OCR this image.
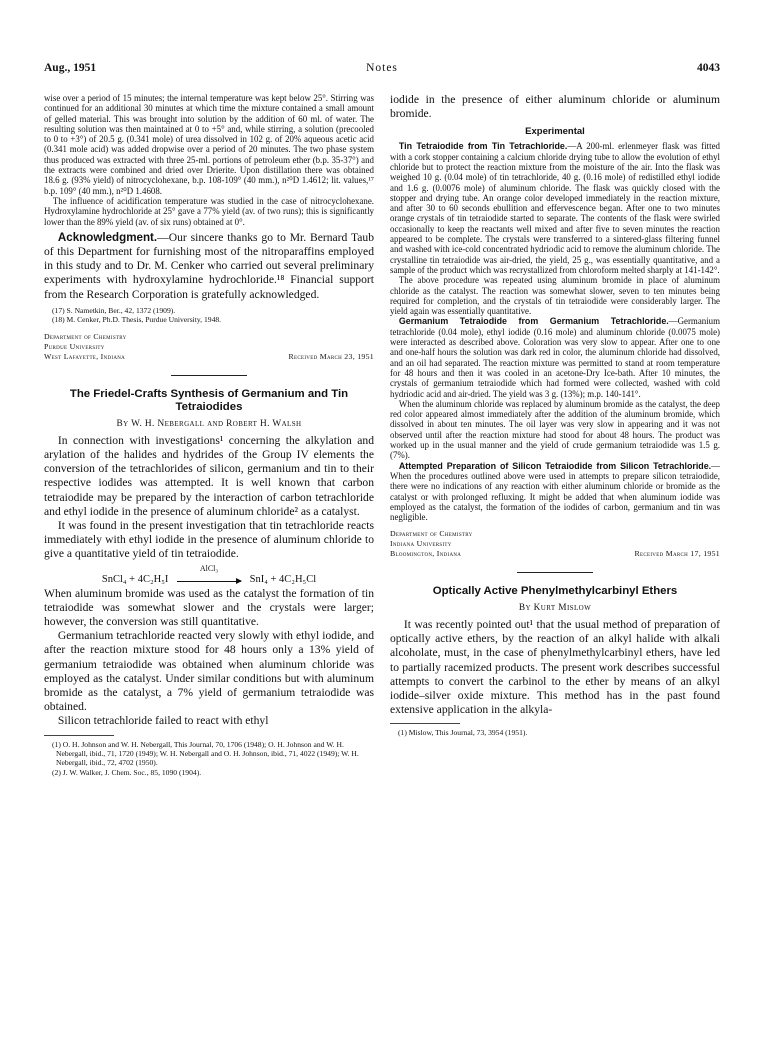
Aug., 1951	Notes	4043

wise over a period of 15 minutes; the internal temperature was kept below 25°. Stirring was continued for an additional 30 minutes at which time the mixture contained a small amount of gelled material. This was brought into solution by the addition of 60 ml. of water. The resulting solution was then maintained at 0 to +5° and, while stirring, a solution (precooled to 0 to +3°) of 20.5 g. (0.341 mole) of urea dissolved in 102 g. of 20% aqueous acetic acid (0.341 mole acid) was added dropwise over a period of 20 minutes. The two phase system thus produced was extracted with three 25-ml. portions of petroleum ether (b.p. 35-37°) and the extracts were combined and dried over Drierite. Upon distillation there was obtained 18.6 g. (93% yield) of nitrocyclohexane, b.p. 108-109° (40 mm.), n²⁰D 1.4612; lit. values,¹⁷ b.p. 109° (40 mm.), n²⁰D 1.4608.

The influence of acidification temperature was studied in the case of nitrocyclohexane. Hydroxylamine hydrochloride at 25° gave a 77% yield (av. of two runs); this is significantly lower than the 89% yield (av. of six runs) obtained at 0°.

Acknowledgment.—Our sincere thanks go to Mr. Bernard Taub of this Department for furnishing most of the nitroparaffins employed in this study and to Dr. M. Cenker who carried out several preliminary experiments with hydroxylamine hydrochloride.¹⁸ Financial support from the Research Corporation is gratefully acknowledged.

(17) S. Nametkin, Ber., 42, 1372 (1909).

(18) M. Cenker, Ph.D. Thesis, Purdue University, 1948.

Department of Chemistry

Purdue University

West Lafayette, Indiana	Received March 23, 1951

The Friedel-Crafts Synthesis of Germanium and Tin Tetraiodides

By W. H. Nebergall and Robert H. Walsh

In connection with investigations¹ concerning the alkylation and arylation of the halides and hydrides of the Group IV elements the conversion of the tetrachlorides of silicon, germanium and tin to their respective iodides was attempted. It is well known that carbon tetraiodide may be prepared by the interaction of carbon tetrachloride and ethyl iodide in the presence of aluminum chloride² as a catalyst.

It was found in the present investigation that tin tetrachloride reacts immediately with ethyl iodide in the presence of aluminum chloride to give a quantitative yield of tin tetraiodide.

SnCl₄ + 4C₂H₅I
AlCl₃
SnI₄ + 4C₂H₅Cl

When aluminum bromide was used as the catalyst the formation of tin tetraiodide was somewhat slower and the crystals were larger; however, the conversion was still quantitative.

Germanium tetrachloride reacted very slowly with ethyl iodide, and after the reaction mixture stood for 48 hours only a 13% yield of germanium tetraiodide was obtained when aluminum chloride was employed as the catalyst. Under similar conditions but with aluminum bromide as the catalyst, a 7% yield of germanium tetraiodide was obtained.

Silicon tetrachloride failed to react with ethyl

(1) O. H. Johnson and W. H. Nebergall, This Journal, 70, 1706 (1948); O. H. Johnson and W. H. Nebergall, ibid., 71, 1720 (1949); W. H. Nebergall and O. H. Johnson, ibid., 71, 4022 (1949); W. H. Nebergall, ibid., 72, 4702 (1950).

(2) J. W. Walker, J. Chem. Soc., 85, 1090 (1904).

iodide in the presence of either aluminum chloride or aluminum bromide.

Experimental

Tin Tetraiodide from Tin Tetrachloride.—A 200-ml. erlenmeyer flask was fitted with a cork stopper containing a calcium chloride drying tube to allow the evolution of ethyl chloride but to protect the reaction mixture from the moisture of the air. Into the flask was weighed 10 g. (0.04 mole) of tin tetrachloride, 40 g. (0.16 mole) of redistilled ethyl iodide and 1.6 g. (0.0076 mole) of aluminum chloride. The flask was quickly closed with the stopper and drying tube. An orange color developed immediately in the reaction mixture, and after 30 to 60 seconds ebullition and effervescence began. After one to two minutes orange crystals of tin tetraiodide started to separate. The contents of the flask were swirled occasionally to keep the reactants well mixed and after five to seven minutes the reaction appeared to be complete. The crystals were transferred to a sintered-glass filtering funnel and washed with ice-cold concentrated hydriodic acid to remove the aluminum chloride. The crystalline tin tetraiodide was air-dried, the yield, 25 g., was essentially quantitative, and a sample of the product which was recrystallized from chloroform melted sharply at 141-142°.

The above procedure was repeated using aluminum bromide in place of aluminum chloride as the catalyst. The reaction was somewhat slower, seven to ten minutes being required for completion, and the crystals of tin tetraiodide were considerably larger. The yield again was essentially quantitative.

Germanium Tetraiodide from Germanium Tetrachloride.—Germanium tetrachloride (0.04 mole), ethyl iodide (0.16 mole) and aluminum chloride (0.0075 mole) were interacted as described above. Coloration was very slow to appear. After one to one and one-half hours the solution was dark red in color, the aluminum chloride had dissolved, and an oil had separated. The reaction mixture was permitted to stand at room temperature for 48 hours and then it was cooled in an acetone-Dry Ice-bath. After 10 minutes, the crystals of germanium tetraiodide which had formed were collected, washed with cold hydriodic acid and air-dried. The yield was 3 g. (13%); m.p. 140-141°.

When the aluminum chloride was replaced by aluminum bromide as the catalyst, the deep red color appeared almost immediately after the addition of the aluminum bromide, which dissolved in about ten minutes. The oil layer was very slow in appearing and it was not observed until after the reaction mixture had stood for about 48 hours. The product was worked up in the usual manner and the yield of crude germanium tetraiodide was 1.5 g. (7%).

Attempted Preparation of Silicon Tetraiodide from Silicon Tetrachloride.—When the procedures outlined above were used in attempts to prepare silicon tetraiodide, there were no indications of any reaction with either aluminum chloride or bromide as the catalyst or with prolonged refluxing. It might be added that when aluminum iodide was employed as the catalyst, the formation of the iodides of carbon, germanium and tin was negligible.

Department of Chemistry

Indiana University

Bloomington, Indiana	Received March 17, 1951

Optically Active Phenylmethylcarbinyl Ethers

By Kurt Mislow

It was recently pointed out¹ that the usual method of preparation of optically active ethers, by the reaction of an alkyl halide with alkali alcoholate, must, in the case of phenylmethylcarbinyl ethers, have led to partially racemized products. The present work describes successful attempts to convert the carbinol to the ether by means of an alkyl iodide–silver oxide mixture. This method has in the past found extensive application in the alkyla-

(1) Mislow, This Journal, 73, 3954 (1951).
